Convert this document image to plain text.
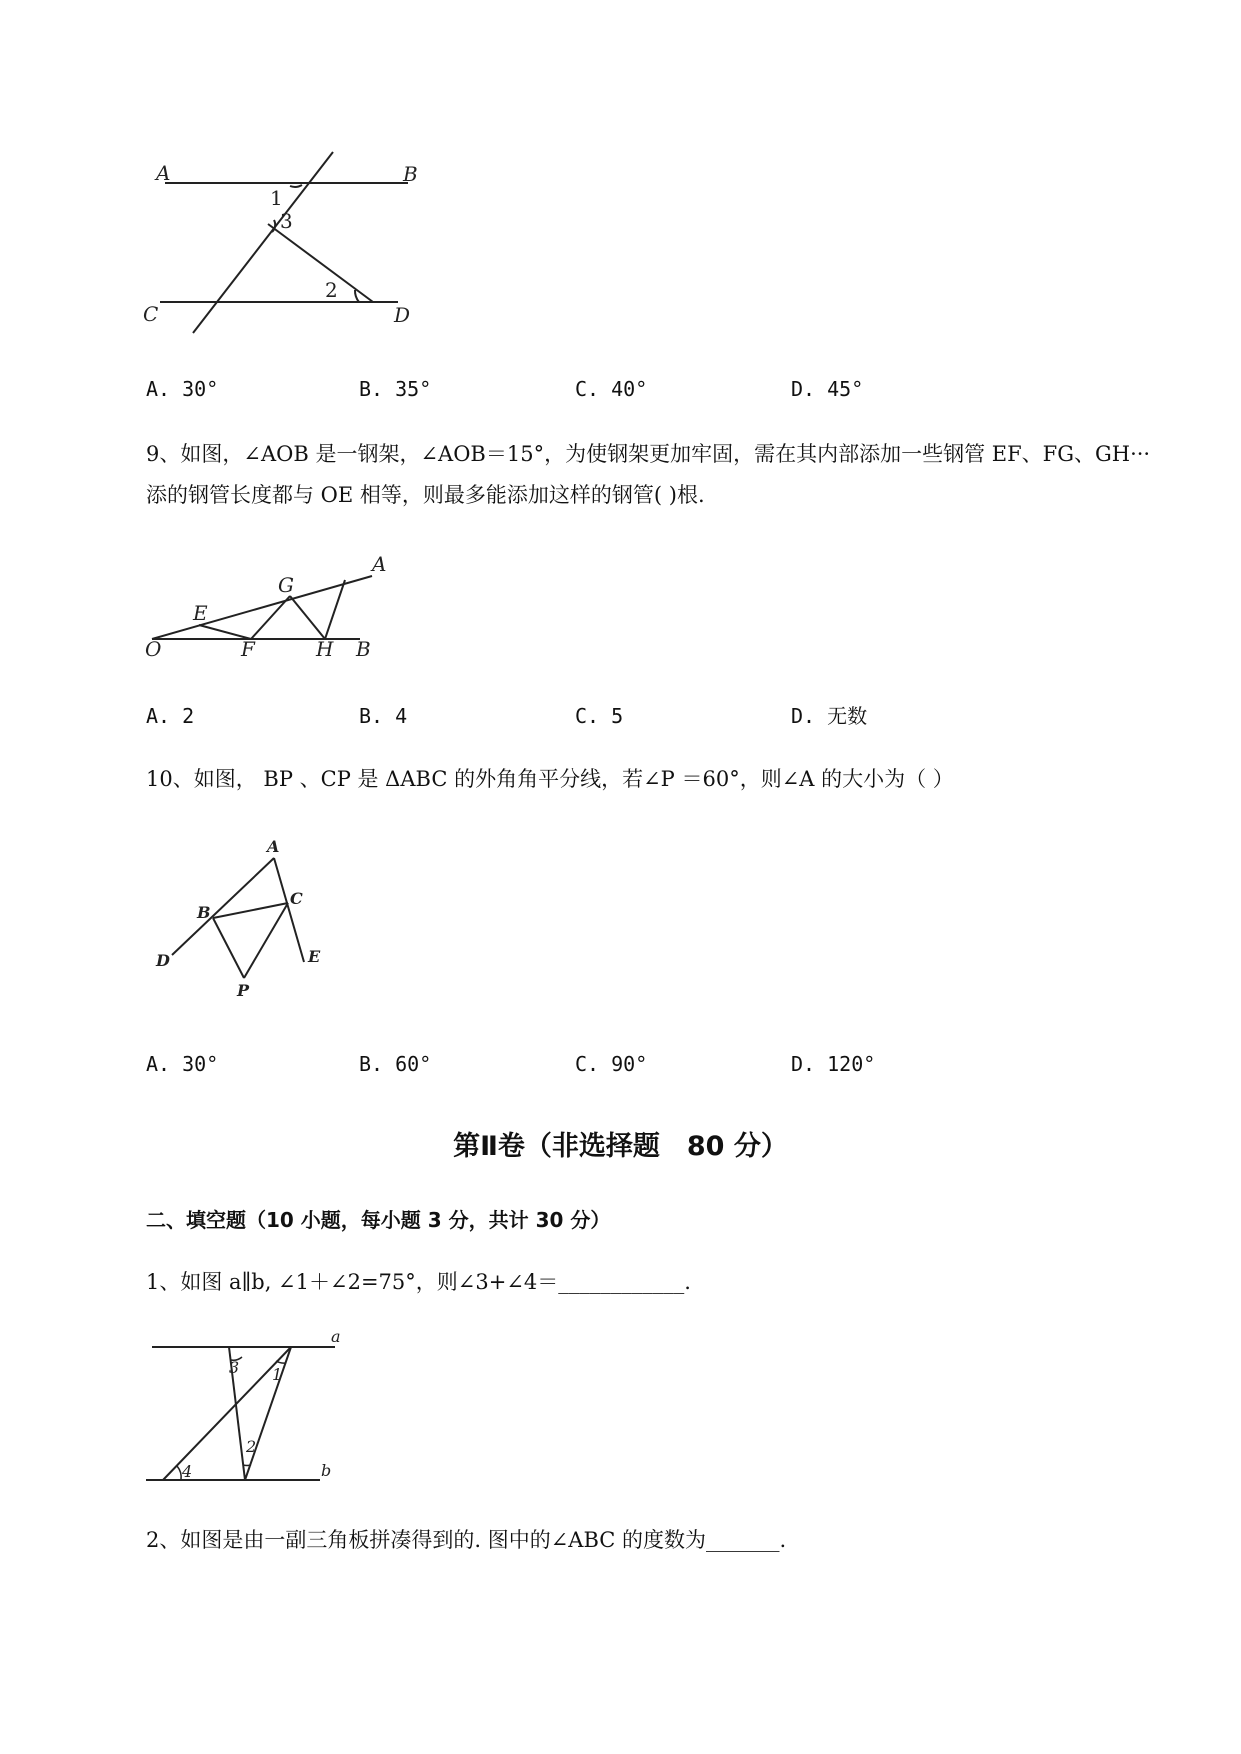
A	B
C	D
1
3
2
A. 30°	B. 35°	C. 40°	D. 45°
9、如图，∠AOB 是一钢架，∠AOB＝15°，为使钢架更加牢固，需在其内部添加一些钢管 EF、FG、GH···
添的钢管长度都与 OE 相等，则最多能添加这样的钢管( )根.
A
B
O
E
F
G
H
A. 2	B. 4	C. 5	D. 无数
10、如图， BP 、CP 是 ΔABC 的外角角平分线，若∠P ＝60°，则∠A 的大小为（ ）
A
B
C
D	E
P
A. 30°	B. 60°	C. 90°	D. 120°
第Ⅱ卷（非选择题　80 分）
二、填空题（10 小题，每小题 3 分，共计 30 分）
1、如图 a∥b, ∠1＋∠2=75°，则∠3+∠4＝____________.
a
b
3 1
2
4
2、如图是由一副三角板拼凑得到的. 图中的∠ABC 的度数为_______.
